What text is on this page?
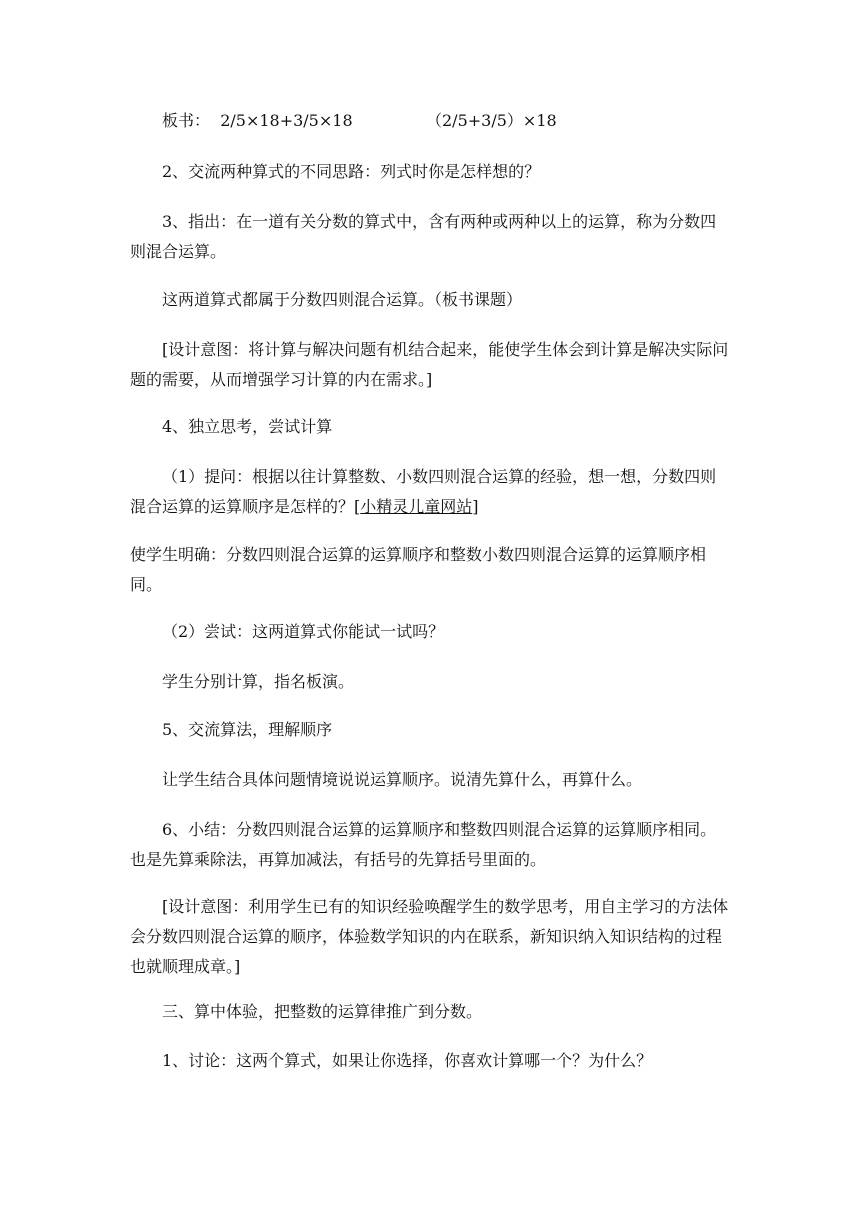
板书： 2/5×18+3/5×18	（2/5+3/5）×18

2、交流两种算式的不同思路：列式时你是怎样想的？

3、指出：在一道有关分数的算式中，含有两种或两种以上的运算，称为分数四则混合运算。

这两道算式都属于分数四则混合运算。（板书课题）

[设计意图：将计算与解决问题有机结合起来，能使学生体会到计算是解决实际问题的需要，从而增强学习计算的内在需求。]

4、独立思考，尝试计算

（1）提问：根据以往计算整数、小数四则混合运算的经验，想一想，分数四则混合运算的运算顺序是怎样的？[小精灵儿童网站]

使学生明确：分数四则混合运算的运算顺序和整数小数四则混合运算的运算顺序相同。

（2）尝试：这两道算式你能试一试吗？

学生分别计算，指名板演。

5、交流算法，理解顺序

让学生结合具体问题情境说说运算顺序。说清先算什么，再算什么。

6、小结：分数四则混合运算的运算顺序和整数四则混合运算的运算顺序相同。也是先算乘除法，再算加减法，有括号的先算括号里面的。

[设计意图：利用学生已有的知识经验唤醒学生的数学思考，用自主学习的方法体会分数四则混合运算的顺序，体验数学知识的内在联系，新知识纳入知识结构的过程也就顺理成章。]

三、算中体验，把整数的运算律推广到分数。

1、讨论：这两个算式，如果让你选择，你喜欢计算哪一个？为什么？
